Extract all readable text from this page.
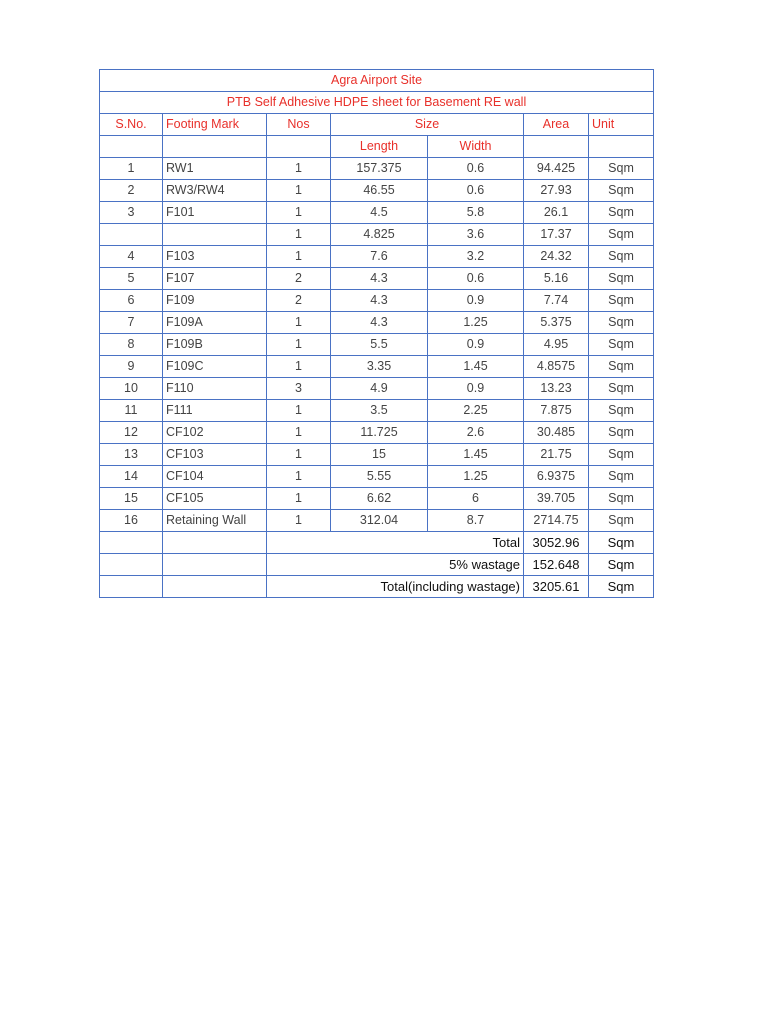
Agra Airport Site						
PTB Self Adhesive HDPE sheet for Basement RE wall						
S.No.	Footing Mark	Nos	Size		Area	Unit
			Length	Width		
1	RW1	1	157.375	0.6	94.425	Sqm
2	RW3/RW4	1	46.55	0.6	27.93	Sqm
3	F101	1	4.5	5.8	26.1	Sqm
		1	4.825	3.6	17.37	Sqm
4	F103	1	7.6	3.2	24.32	Sqm
5	F107	2	4.3	0.6	5.16	Sqm
6	F109	2	4.3	0.9	7.74	Sqm
7	F109A	1	4.3	1.25	5.375	Sqm
8	F109B	1	5.5	0.9	4.95	Sqm
9	F109C	1	3.35	1.45	4.8575	Sqm
10	F110	3	4.9	0.9	13.23	Sqm
11	F111	1	3.5	2.25	7.875	Sqm
12	CF102	1	11.725	2.6	30.485	Sqm
13	CF103	1	15	1.45	21.75	Sqm
14	CF104	1	5.55	1.25	6.9375	Sqm
15	CF105	1	6.62	6	39.705	Sqm
16	Retaining Wall	1	312.04	8.7	2714.75	Sqm
		Total			3052.96	Sqm
		5% wastage			152.648	Sqm
		Total(including wastage)			3205.61	Sqm
